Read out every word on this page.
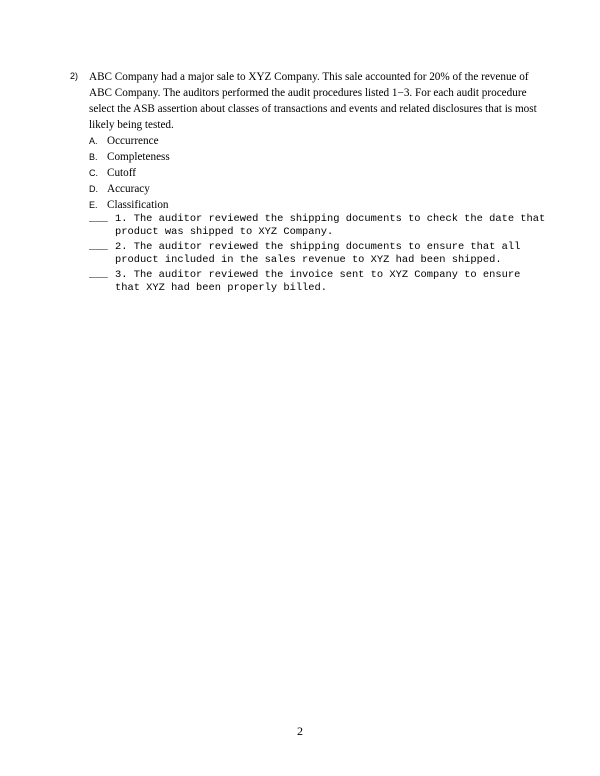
2) ABC Company had a major sale to XYZ Company. This sale accounted for 20% of the revenue of ABC Company. The auditors performed the audit procedures listed 1−3. For each audit procedure select the ASB assertion about classes of transactions and events and related disclosures that is most likely being tested.
A. Occurrence
B. Completeness
C. Cutoff
D. Accuracy
E. Classification
___ 1. The auditor reviewed the shipping documents to check the date that product was shipped to XYZ Company.
___ 2. The auditor reviewed the shipping documents to ensure that all product included in the sales revenue to XYZ had been shipped.
___ 3. The auditor reviewed the invoice sent to XYZ Company to ensure that XYZ had been properly billed.
2
